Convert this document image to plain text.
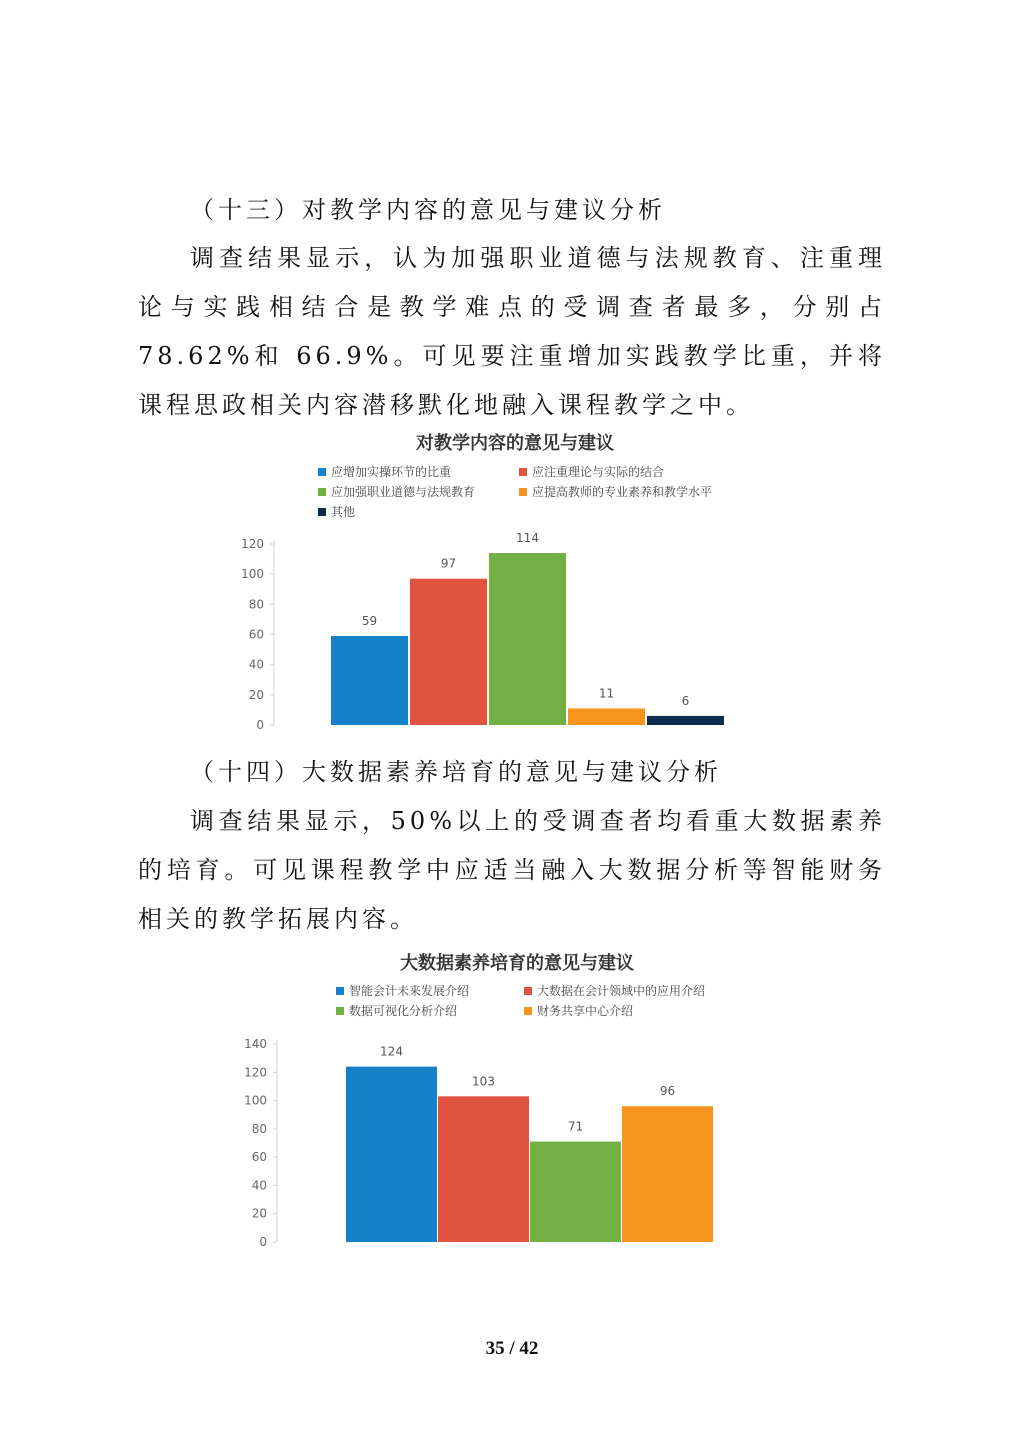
（十三）对教学内容的意见与建议分析

调查结果显示，认为加强职业道德与法规教育、注重理论与实践相结合是教学难点的受调查者最多，分别占 78.62%和 66.9%。可见要注重增加实践教学比重，并将课程思政相关内容潜移默化地融入课程教学之中。

对教学内容的意见与建议
应增加实操环节的比重	应注重理论与实际的结合
应加强职业道德与法规教育	应提高教师的专业素养和教学水平
其他
0
20
40
60
80
100
120
59
97
114
11
6

（十四）大数据素养培育的意见与建议分析

调查结果显示，50%以上的受调查者均看重大数据素养的培育。可见课程教学中应适当融入大数据分析等智能财务相关的教学拓展内容。

大数据素养培育的意见与建议
智能会计未来发展介绍	大数据在会计领域中的应用介绍
数据可视化分析介绍	财务共享中心介绍
0
20
40
60
80
100
120
140
124
103
71
96
35 / 42
